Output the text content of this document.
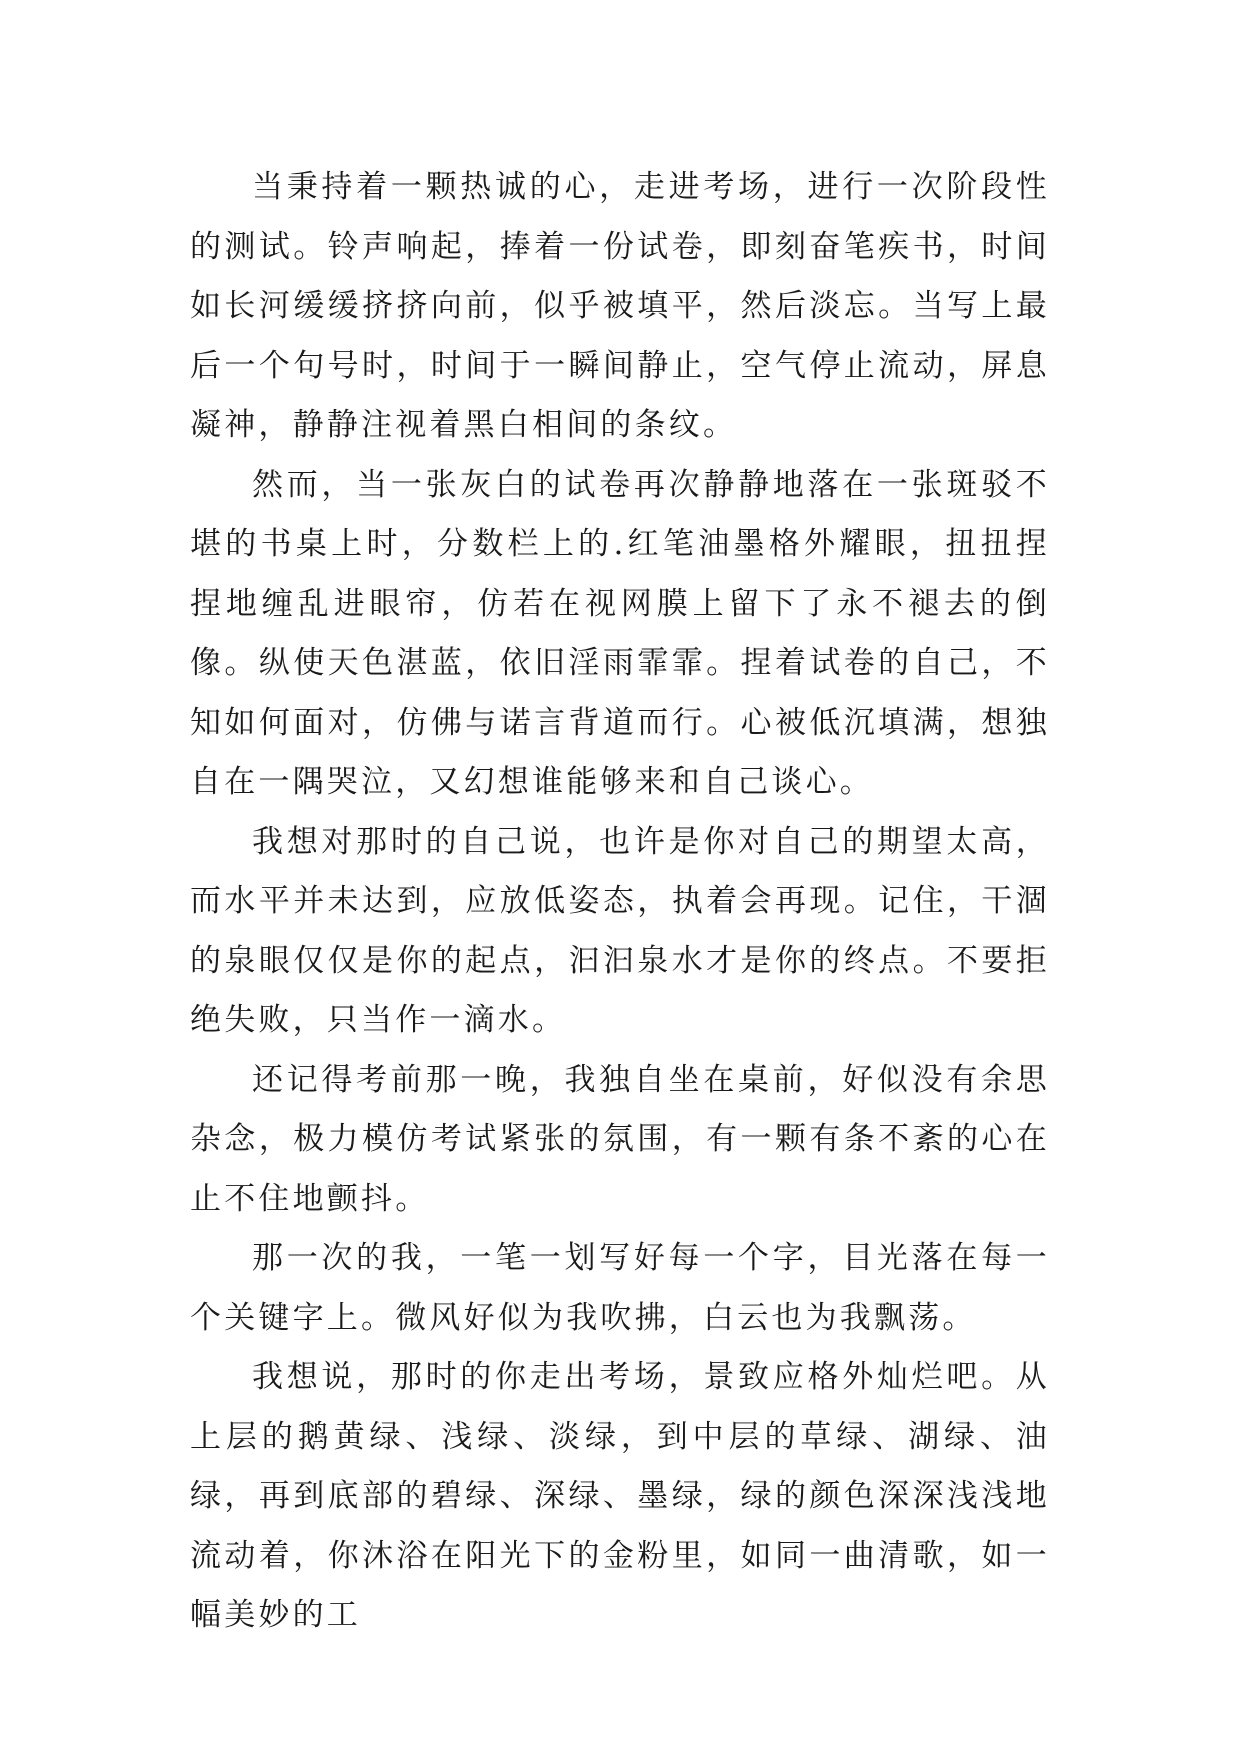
当秉持着一颗热诚的心，走进考场，进行一次阶段性的测试。铃声响起，捧着一份试卷，即刻奋笔疾书，时间如长河缓缓挤挤向前，似乎被填平，然后淡忘。当写上最后一个句号时，时间于一瞬间静止，空气停止流动，屏息凝神，静静注视着黑白相间的条纹。

然而，当一张灰白的试卷再次静静地落在一张斑驳不堪的书桌上时，分数栏上的.红笔油墨格外耀眼，扭扭捏捏地缠乱进眼帘，仿若在视网膜上留下了永不褪去的倒像。纵使天色湛蓝，依旧淫雨霏霏。捏着试卷的自己，不知如何面对，仿佛与诺言背道而行。心被低沉填满，想独自在一隅哭泣，又幻想谁能够来和自己谈心。

我想对那时的自己说，也许是你对自己的期望太高，而水平并未达到，应放低姿态，执着会再现。记住，干涸的泉眼仅仅是你的起点，汩汩泉水才是你的终点。不要拒绝失败，只当作一滴水。

还记得考前那一晚，我独自坐在桌前，好似没有余思杂念，极力模仿考试紧张的氛围，有一颗有条不紊的心在止不住地颤抖。

那一次的我，一笔一划写好每一个字，目光落在每一个关键字上。微风好似为我吹拂，白云也为我飘荡。

我想说，那时的你走出考场，景致应格外灿烂吧。从上层的鹅黄绿、浅绿、淡绿，到中层的草绿、湖绿、油绿，再到底部的碧绿、深绿、墨绿，绿的颜色深深浅浅地流动着，你沐浴在阳光下的金粉里，如同一曲清歌，如一幅美妙的工
